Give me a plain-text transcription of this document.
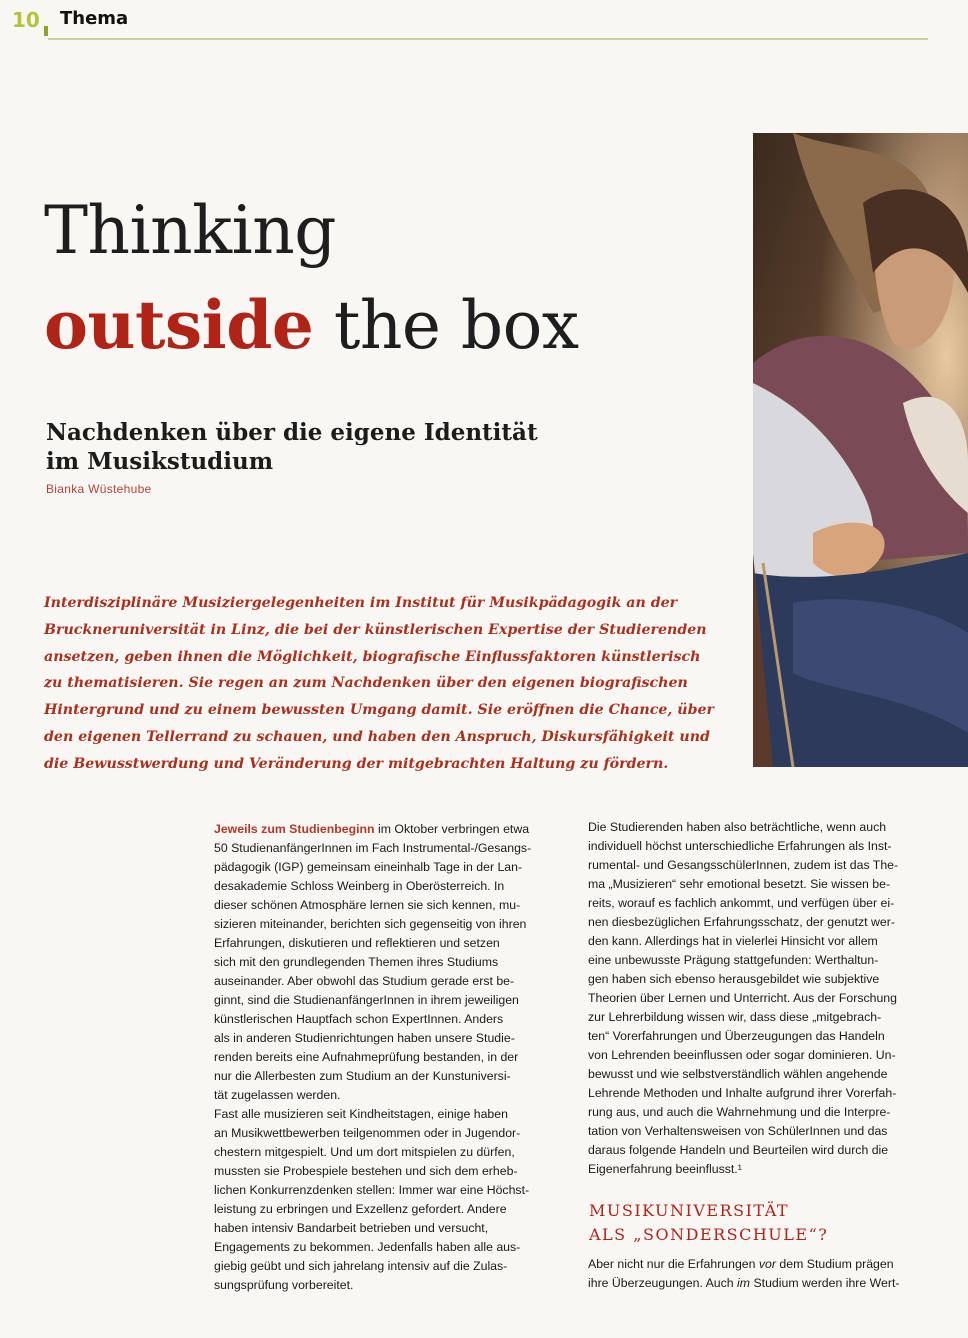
10 Thema
Thinking
outside the box
Nachdenken über die eigene Identität
im Musikstudium
Bianka Wüstehube

Interdisziplinäre Musiziergelegenheiten im Institut für Musikpädagogik an der

Bruckneruniversität in Linz, die bei der künstlerischen Expertise der Studierenden

ansetzen, geben ihnen die Möglichkeit, biografische Einflussfaktoren künstlerisch

zu thematisieren. Sie regen an zum Nachdenken über den eigenen biografischen

Hintergrund und zu einem bewussten Umgang damit. Sie eröffnen die Chance, über

den eigenen Tellerrand zu schauen, und haben den Anspruch, Diskursfähigkeit und

die Bewusstwerdung und Veränderung der mitgebrachten Haltung zu fördern.

Jeweils zum Studienbeginn im Oktober verbringen etwa

50 StudienanfängerInnen im Fach Instrumental-/Gesangs-

pädagogik (IGP) gemeinsam eineinhalb Tage in der Lan-

desakademie Schloss Weinberg in Oberösterreich. In

dieser schönen Atmosphäre lernen sie sich kennen, mu-

sizieren miteinander, berichten sich gegenseitig von ihren

Erfahrungen, diskutieren und reflektieren und setzen

sich mit den grundlegenden Themen ihres Studiums

auseinander. Aber obwohl das Studium gerade erst be-

ginnt, sind die StudienanfängerInnen in ihrem jeweiligen

künstlerischen Hauptfach schon ExpertInnen. Anders

als in anderen Studienrichtungen haben unsere Studie-

renden bereits eine Aufnahmeprüfung bestanden, in der

nur die Allerbesten zum Studium an der Kunstuniversi-

tät zugelassen werden.

Fast alle musizieren seit Kindheitstagen, einige haben

an Musikwettbewerben teilgenommen oder in Jugendor-

chestern mitgespielt. Und um dort mitspielen zu dürfen,

mussten sie Probespiele bestehen und sich dem erheb-

lichen Konkurrenzdenken stellen: Immer war eine Höchst-

leistung zu erbringen und Exzellenz gefordert. Andere

haben intensiv Bandarbeit betrieben und versucht,

Engagements zu bekommen. Jedenfalls haben alle aus-

giebig geübt und sich jahrelang intensiv auf die Zulas-

sungsprüfung vorbereitet.

Die Studierenden haben also beträchtliche, wenn auch

individuell höchst unterschiedliche Erfahrungen als Inst-

rumental- und GesangsschülerInnen, zudem ist das The-

ma „Musizieren“ sehr emotional besetzt. Sie wissen be-

reits, worauf es fachlich ankommt, und verfügen über ei-

nen diesbezüglichen Erfahrungsschatz, der genutzt wer-

den kann. Allerdings hat in vielerlei Hinsicht vor allem

eine unbewusste Prägung stattgefunden: Werthaltun-

gen haben sich ebenso herausgebildet wie subjektive

Theorien über Lernen und Unterricht. Aus der Forschung

zur Lehrerbildung wissen wir, dass diese „mitgebrach-

ten“ Vorerfahrungen und Überzeugungen das Handeln

von Lehrenden beeinflussen oder sogar dominieren. Un-

bewusst und wie selbstverständlich wählen angehende

Lehrende Methoden und Inhalte aufgrund ihrer Vorerfah-

rung aus, und auch die Wahrnehmung und die Interpre-

tation von Verhaltensweisen von SchülerInnen und das

daraus folgende Handeln und Beurteilen wird durch die

Eigenerfahrung beeinflusst.¹

MUSIKUNIVERSITÄT

ALS „SONDERSCHULE“?

Aber nicht nur die Erfahrungen vor dem Studium prägen

ihre Überzeugungen. Auch im Studium werden ihre Wert-
